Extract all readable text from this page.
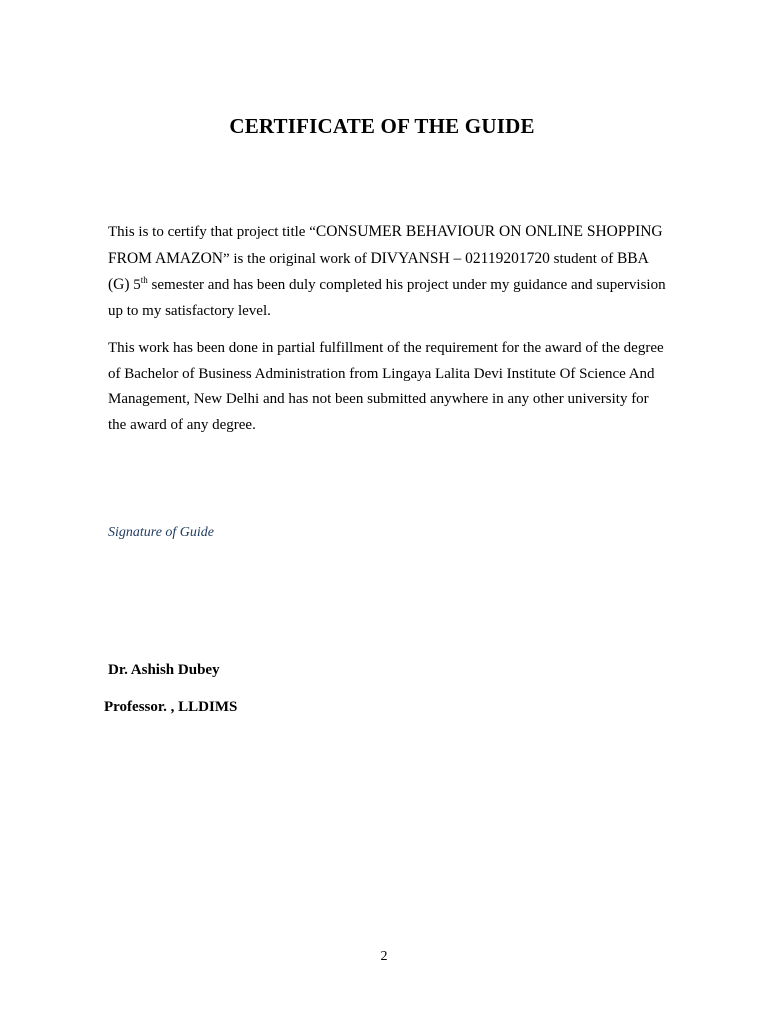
CERTIFICATE OF THE GUIDE
This is to certify that project title “CONSUMER BEHAVIOUR ON ONLINE SHOPPING FROM AMAZON” is the original work of DIVYANSH – 02119201720 student of BBA (G) 5th semester and has been duly completed his project under my guidance and supervision up to my satisfactory level.
This work has been done in partial fulfillment of the requirement for the award of the degree of Bachelor of Business Administration from Lingaya Lalita Devi Institute Of Science And Management, New Delhi and has not been submitted anywhere in any other university for the award of any degree.
Signature of Guide
Dr. Ashish Dubey
Professor. , LLDIMS
2
